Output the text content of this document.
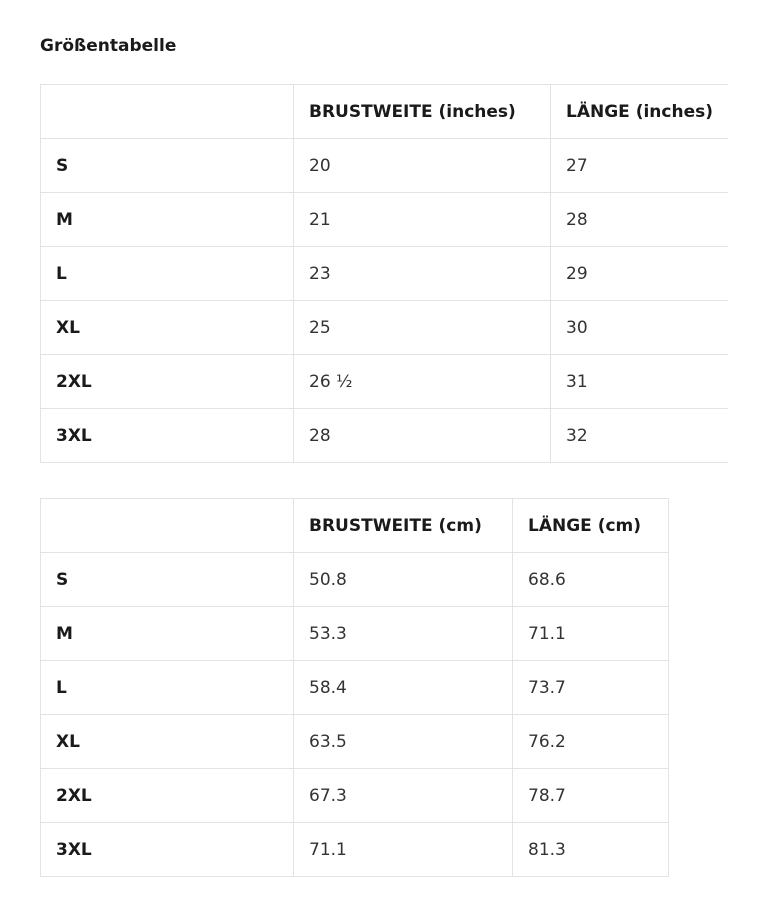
Größentabelle
	BRUSTWEITE (inches)	LÄNGE (inches)
S	20	27
M	21	28
L	23	29
XL	25	30
2XL	26 ½	31
3XL	28	32
	BRUSTWEITE (cm)	LÄNGE (cm)
S	50.8	68.6
M	53.3	71.1
L	58.4	73.7
XL	63.5	76.2
2XL	67.3	78.7
3XL	71.1	81.3
